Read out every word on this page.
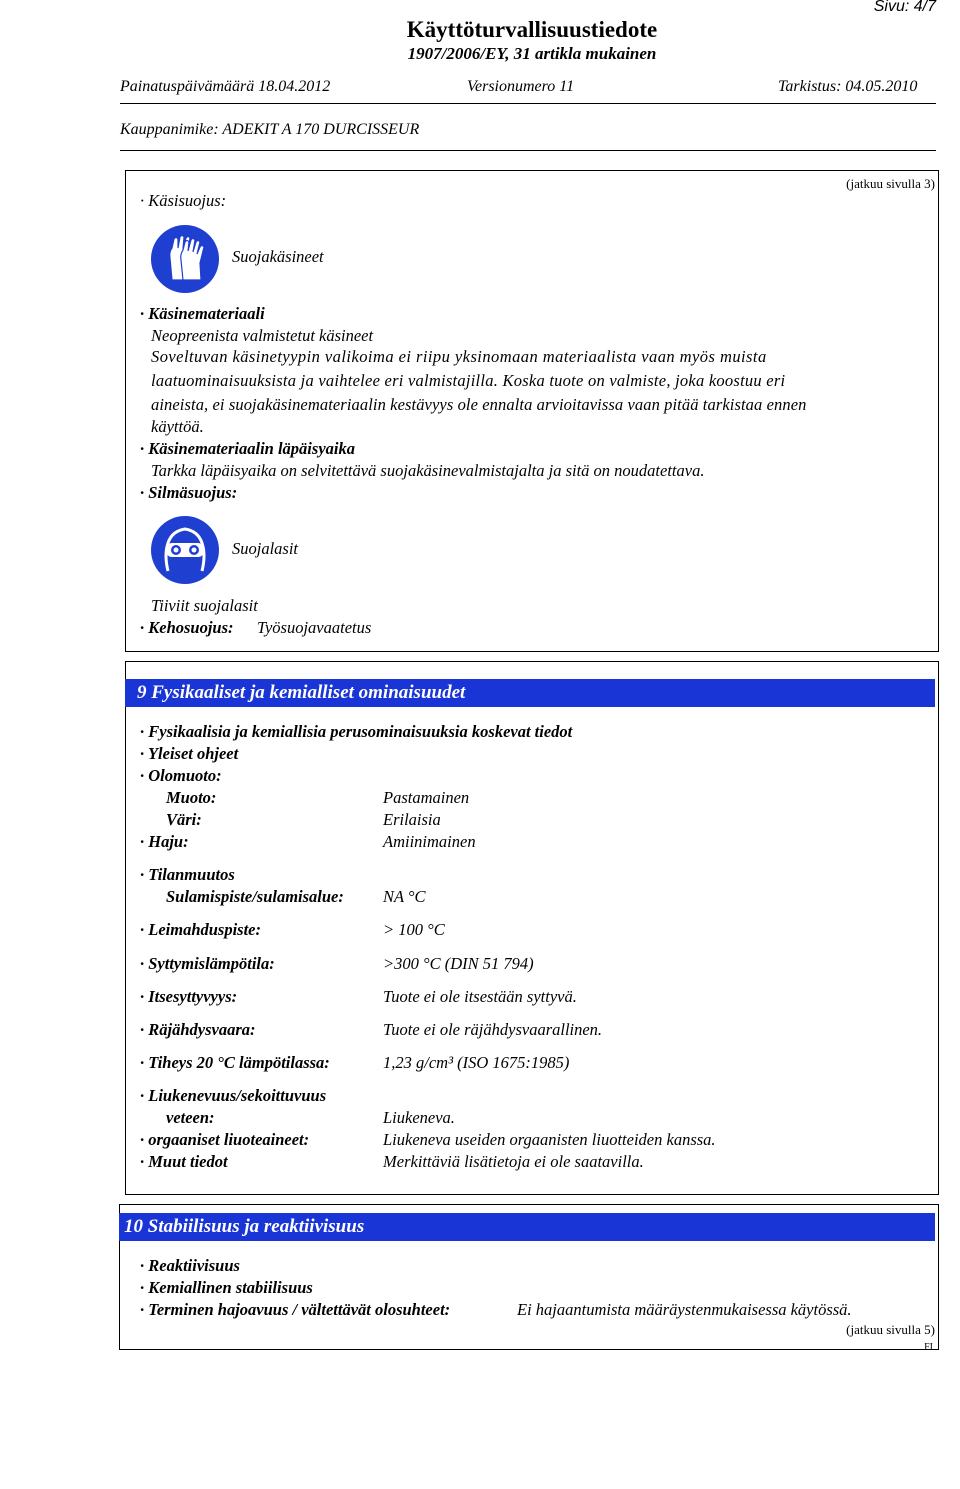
Sivu: 4/7
Käyttöturvallisuustiedote
1907/2006/EY, 31 artikla mukainen
Painatuspäivämäärä 18.04.2012	Versionumero 11	Tarkistus: 04.05.2010
Kauppanimike: ADEKIT A 170 DURCISSEUR
(jatkuu sivulla 3)
· Käsisuojus:
Suojakäsineet
· Käsinemateriaali
Neopreenista valmistetut käsineet
Soveltuvan käsinetyypin valikoima ei riipu yksinomaan materiaalista vaan myös muista
laatuominaisuuksista ja vaihtelee eri valmistajilla. Koska tuote on valmiste, joka koostuu eri
aineista, ei suojakäsinemateriaalin kestävyys ole ennalta arvioitavissa vaan pitää tarkistaa ennen
käyttöä.
· Käsinemateriaalin läpäisyaika
Tarkka läpäisyaika on selvitettävä suojakäsinevalmistajalta ja sitä on noudatettava.
· Silmäsuojus:
Suojalasit
Tiiviit suojalasit
· Kehosuojus: Työsuojavaatetus
9 Fysikaaliset ja kemialliset ominaisuudet
· Fysikaalisia ja kemiallisia perusominaisuuksia koskevat tiedot
· Yleiset ohjeet
· Olomuoto:
Muoto:	Pastamainen
Väri:	Erilaisia
· Haju:	Amiinimainen
· Tilanmuutos
Sulamispiste/sulamisalue: NA °C
· Leimahduspiste:	> 100 °C
· Syttymislämpötila:	>300 °C (DIN 51 794)
· Itsesyttyvyys:	Tuote ei ole itsestään syttyvä.
· Räjähdysvaara:	Tuote ei ole räjähdysvaarallinen.
· Tiheys 20 °C lämpötilassa:	1,23 g/cm³ (ISO 1675:1985)
· Liukenevuus/sekoittuvuus
veteen:	Liukeneva.
· orgaaniset liuoteaineet:	Liukeneva useiden orgaanisten liuotteiden kanssa.
· Muut tiedot	Merkittäviä lisätietoja ei ole saatavilla.
10 Stabiilisuus ja reaktiivisuus
· Reaktiivisuus
· Kemiallinen stabiilisuus
· Terminen hajoavuus / vältettävät olosuhteet:	Ei hajaantumista määräystenmukaisessa käytössä.
(jatkuu sivulla 5)
FI
